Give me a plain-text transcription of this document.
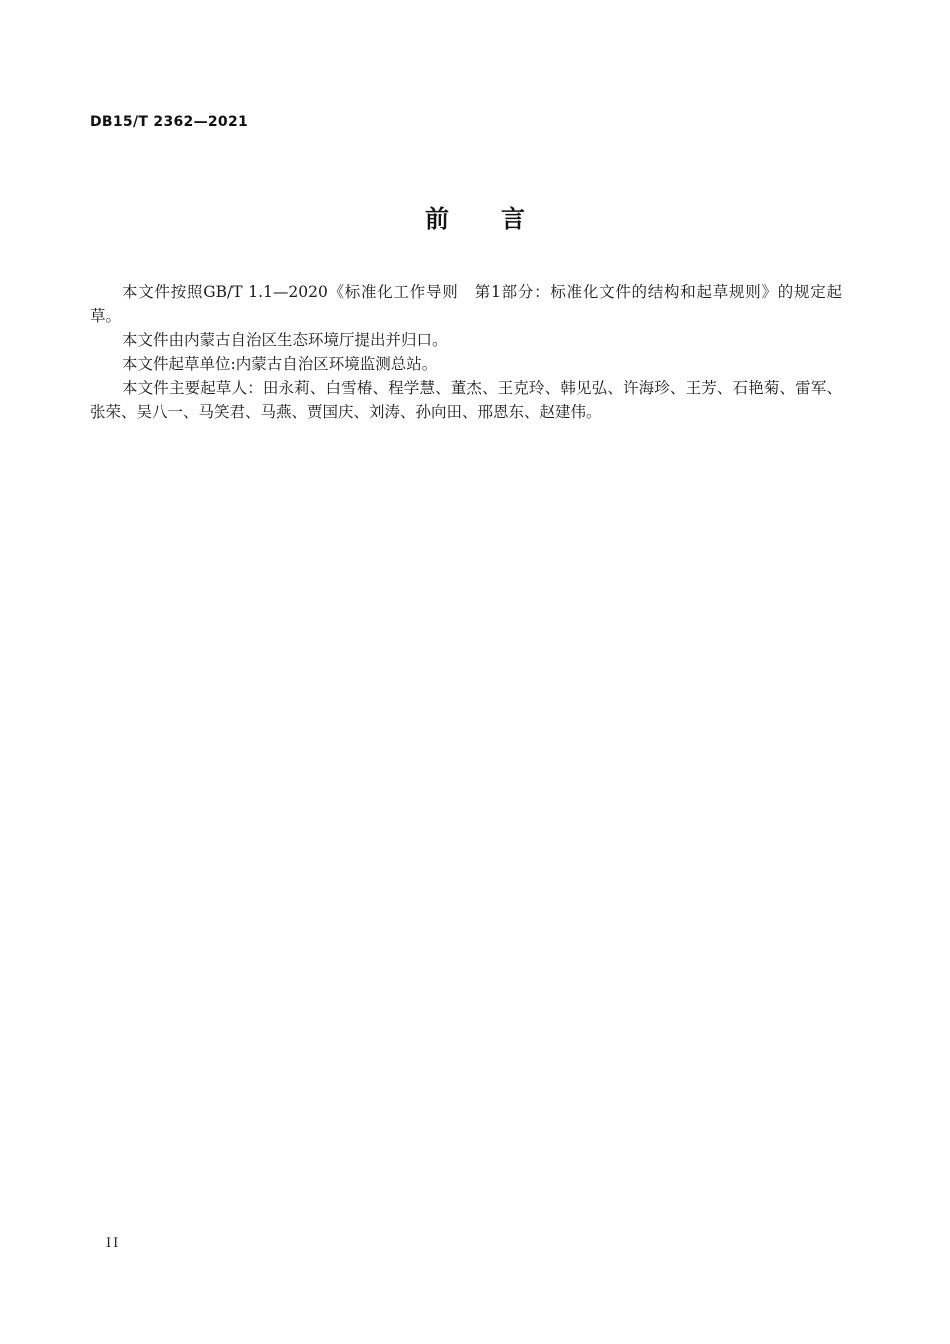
DB15/T 2362—2021
前 言

本文件按照GB/T 1.1—2020《标准化工作导则　第1部分：标准化文件的结构和起草规则》的规定起草。

本文件由内蒙古自治区生态环境厅提出并归口。

本文件起草单位:内蒙古自治区环境监测总站。

本文件主要起草人：田永莉、白雪椿、程学慧、董杰、王克玲、韩见弘、许海珍、王芳、石艳菊、雷军、张荣、吴八一、马笑君、马燕、贾国庆、刘涛、孙向田、邢恩东、赵建伟。

II
